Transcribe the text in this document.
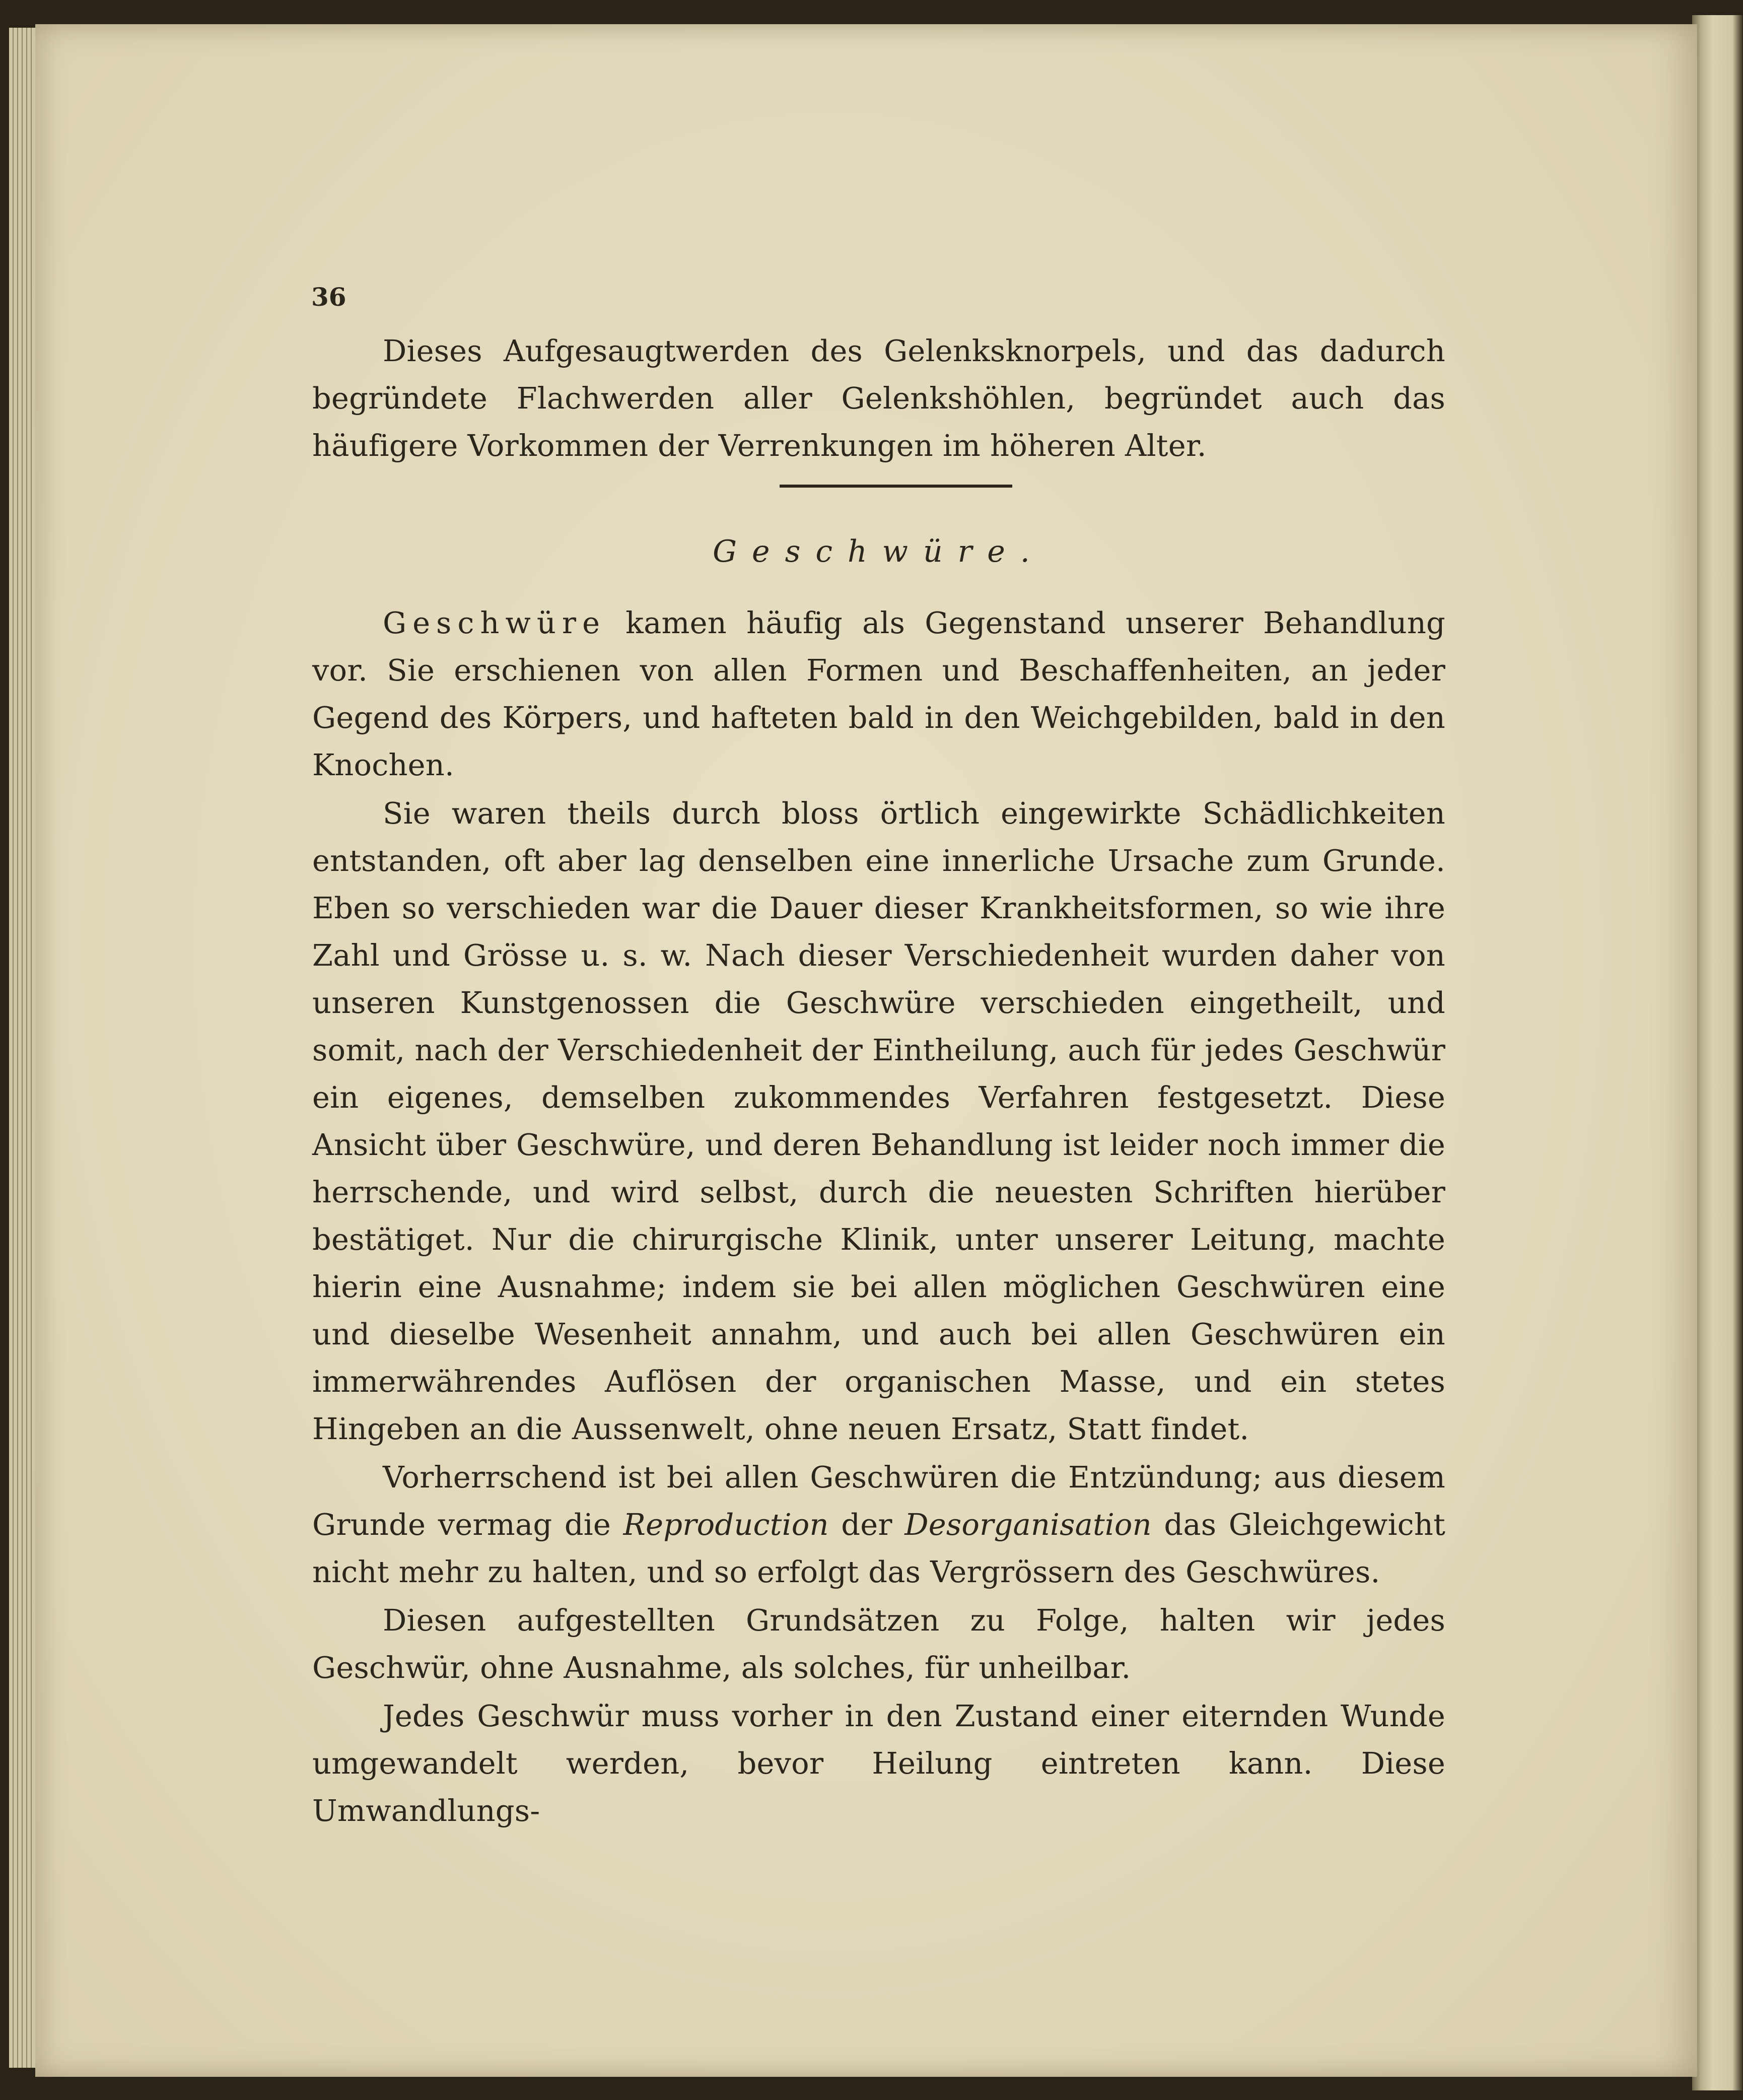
36

Dieses Aufgesaugtwerden des Gelenksknorpels, und das dadurch begründete Flachwerden aller Gelenkshöhlen, begründet auch das häufigere Vorkommen der Verrenkungen im höheren Alter.

Geschwüre.

Geschwüre kamen häufig als Gegenstand unserer Behandlung vor. Sie erschienen von allen Formen und Beschaffenheiten, an jeder Gegend des Körpers, und hafteten bald in den Weichgebilden, bald in den Knochen.

Sie waren theils durch bloss örtlich eingewirkte Schädlichkeiten entstanden, oft aber lag denselben eine innerliche Ursache zum Grunde. Eben so verschieden war die Dauer dieser Krankheitsformen, so wie ihre Zahl und Grösse u. s. w. Nach dieser Verschiedenheit wurden daher von unseren Kunstgenossen die Geschwüre verschieden eingetheilt, und somit, nach der Verschiedenheit der Eintheilung, auch für jedes Geschwür ein eigenes, demselben zukommendes Verfahren festgesetzt. Diese Ansicht über Geschwüre, und deren Behandlung ist leider noch immer die herrschende, und wird selbst, durch die neuesten Schriften hierüber bestätiget. Nur die chirurgische Klinik, unter unserer Leitung, machte hierin eine Ausnahme; indem sie bei allen möglichen Geschwüren eine und dieselbe Wesenheit annahm, und auch bei allen Geschwüren ein immerwährendes Auflösen der organischen Masse, und ein stetes Hingeben an die Aussenwelt, ohne neuen Ersatz, Statt findet.

Vorherrschend ist bei allen Geschwüren die Entzündung; aus diesem Grunde vermag die Reproduction der Desorganisation das Gleichgewicht nicht mehr zu halten, und so erfolgt das Vergrössern des Geschwüres.

Diesen aufgestellten Grundsätzen zu Folge, halten wir jedes Geschwür, ohne Ausnahme, als solches, für unheilbar.

Jedes Geschwür muss vorher in den Zustand einer eiternden Wunde umgewandelt werden, bevor Heilung eintreten kann. Diese Umwandlungs-
